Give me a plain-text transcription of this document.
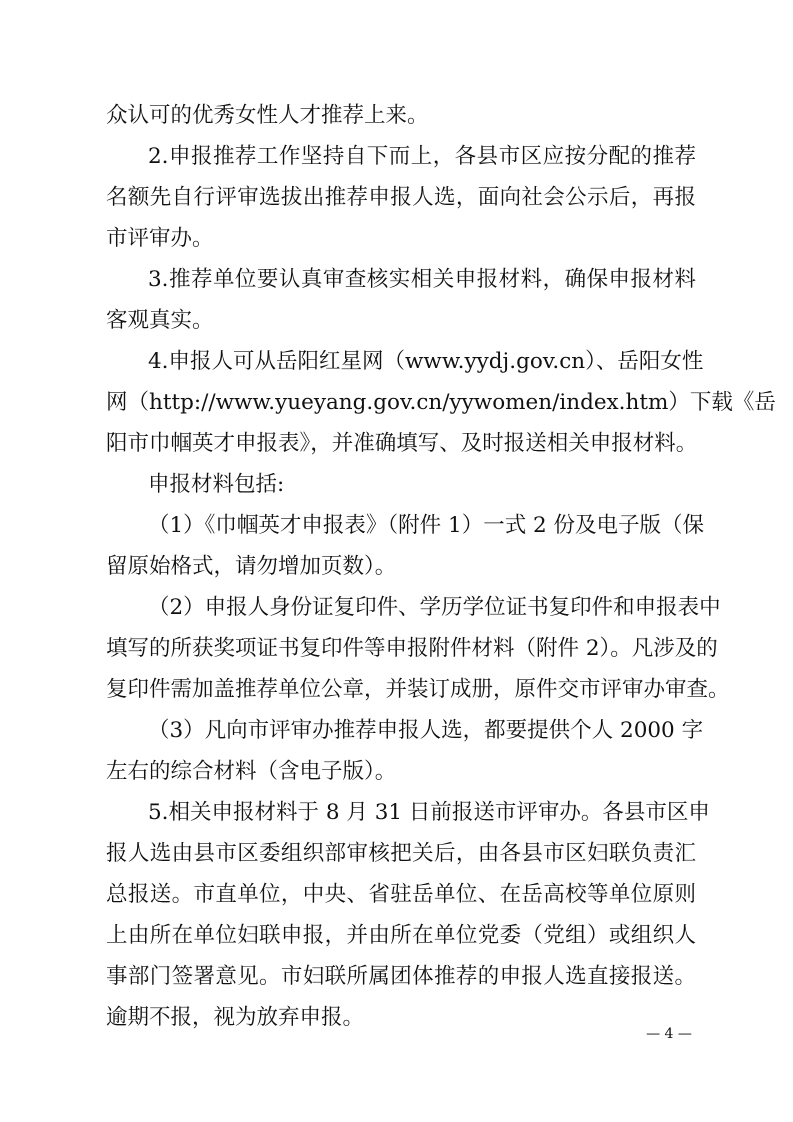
众认可的优秀女性人才推荐上来。
2.申报推荐工作坚持自下而上，各县市区应按分配的推荐
名额先自行评审选拔出推荐申报人选，面向社会公示后，再报
市评审办。
3.推荐单位要认真审查核实相关申报材料，确保申报材料
客观真实。
4.申报人可从岳阳红星网（www.yydj.gov.cn）、岳阳女性
网（http://www.yueyang.gov.cn/yywomen/index.htm）下载《岳
阳市巾帼英才申报表》，并准确填写、及时报送相关申报材料。
申报材料包括:
（1）《巾帼英才申报表》（附件 1）一式 2 份及电子版（保
留原始格式，请勿增加页数）。
（2）申报人身份证复印件、学历学位证书复印件和申报表中
填写的所获奖项证书复印件等申报附件材料（附件 2）。凡涉及的
复印件需加盖推荐单位公章，并装订成册，原件交市评审办审查。
（3）凡向市评审办推荐申报人选，都要提供个人 2000 字
左右的综合材料（含电子版）。
5.相关申报材料于 8 月 31 日前报送市评审办。各县市区申
报人选由县市区委组织部审核把关后，由各县市区妇联负责汇
总报送。市直单位，中央、省驻岳单位、在岳高校等单位原则
上由所在单位妇联申报，并由所在单位党委（党组）或组织人
事部门签署意见。市妇联所属团体推荐的申报人选直接报送。
逾期不报，视为放弃申报。
— 4 —
